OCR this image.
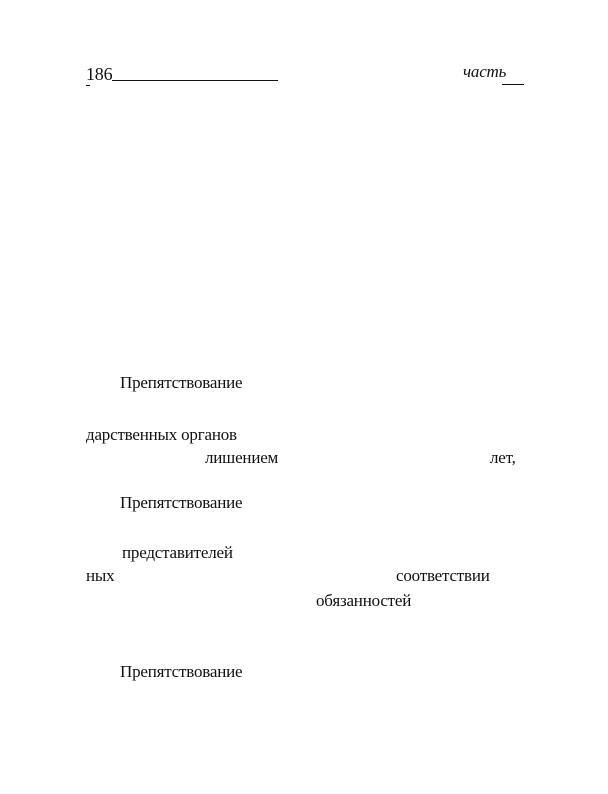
186	часть
Препятствование
дарственных органов
лишением	лет,
Препятствование
представителей
ных	соответствии
обязанностей
Препятствование
